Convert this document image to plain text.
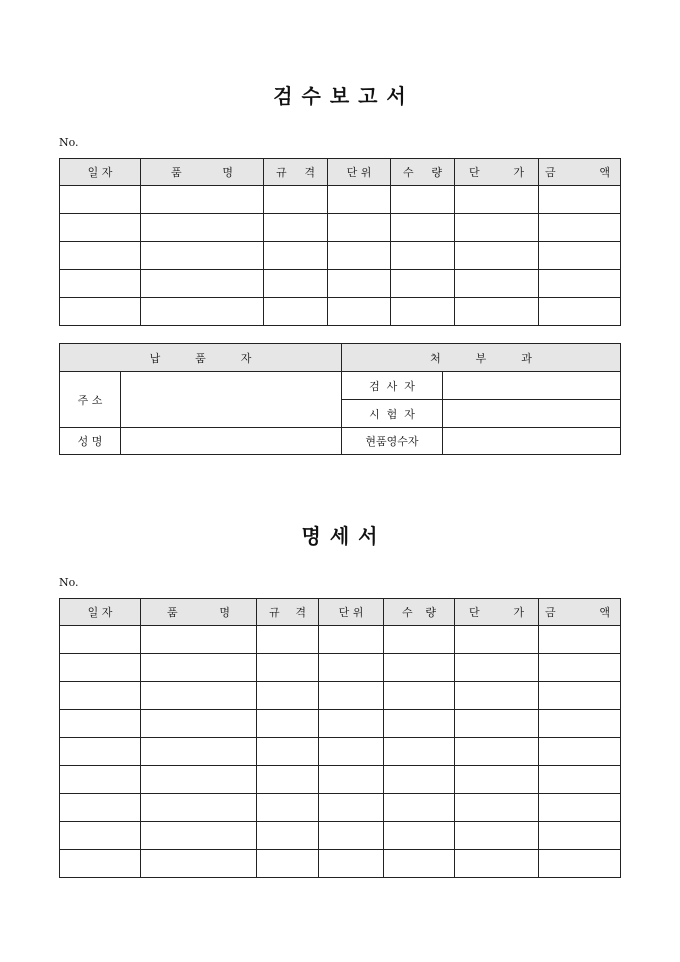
검 수 보 고 서
No.
일 자	품 명	규 격	단 위	수 량	단 가	금 액

납          품          자		처          부          과	
주 소		검  사  자	
		시  험  자	
성 명		현품영수자	
명 세 서
No.
일 자	품 명	규 격	단 위	수 량	단 가	금 액
